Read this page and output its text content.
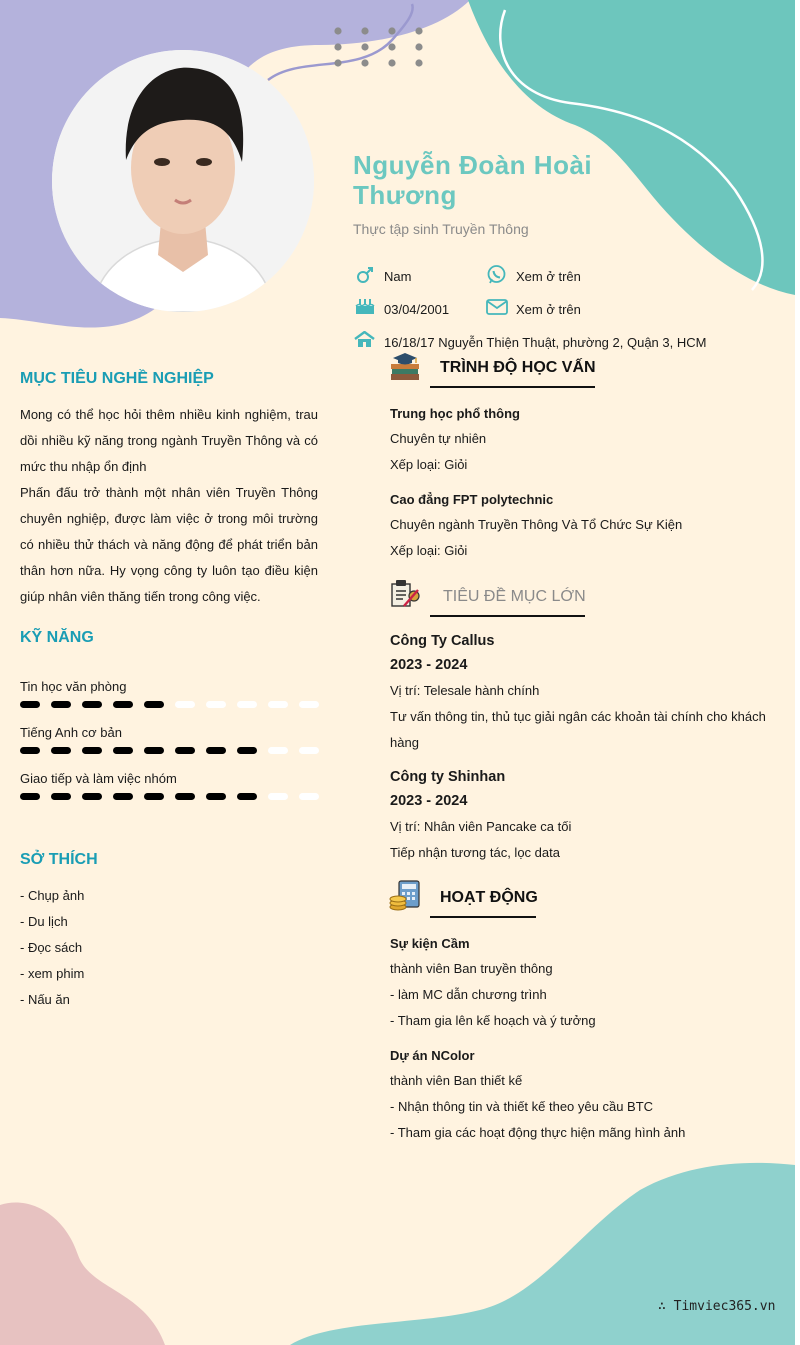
Nguyễn Đoàn Hoài
Thương
Thực tập sinh Truyền Thông
Nam	Xem ở trên
03/04/2001	Xem ở trên
16/18/17 Nguyễn Thiện Thuật, phường 2, Quận 3, HCM
MỤC TIÊU NGHỀ NGHIỆP
Mong có thể học hỏi thêm nhiều kinh nghiệm, trau dồi nhiều kỹ năng trong ngành Truyền Thông và có mức thu nhập ổn định
Phấn đấu trở thành một nhân viên Truyền Thông chuyên nghiệp, được làm việc ở trong môi trường có nhiều thử thách và năng động để phát triển bản thân hơn nữa. Hy vọng công ty luôn tạo điều kiện giúp nhân viên thăng tiến trong công việc.
KỸ NĂNG
Tin học văn phòng
Tiếng Anh cơ bản
Giao tiếp và làm việc nhóm
SỞ THÍCH
- Chụp ảnh
- Du lịch
- Đọc sách
- xem phim
- Nấu ăn
TRÌNH ĐỘ HỌC VẤN
Trung học phổ thông
Chuyên tự nhiên
Xếp loại: Giỏi
Cao đẳng FPT polytechnic
Chuyên ngành Truyền Thông Và Tổ Chức Sự Kiện
Xếp loại: Giỏi
TIÊU ĐỀ MỤC LỚN
Công Ty Callus
2023 - 2024
Vị trí: Telesale hành chính
Tư vấn thông tin, thủ tục giải ngân các khoản tài chính cho khách
hàng
Công ty Shinhan
2023 - 2024
Vị trí: Nhân viên Pancake ca tối
Tiếp nhận tương tác, lọc data
HOẠT ĐỘNG
Sự kiện Cầm
thành viên Ban truyền thông
- làm MC dẫn chương trình
- Tham gia lên kế hoạch và ý tưởng
Dự án NColor
thành viên Ban thiết kế
- Nhận thông tin và thiết kế theo yêu cầu BTC
- Tham gia các hoạt động thực hiện mãng hình ảnh
∴ Timviec365.vn
